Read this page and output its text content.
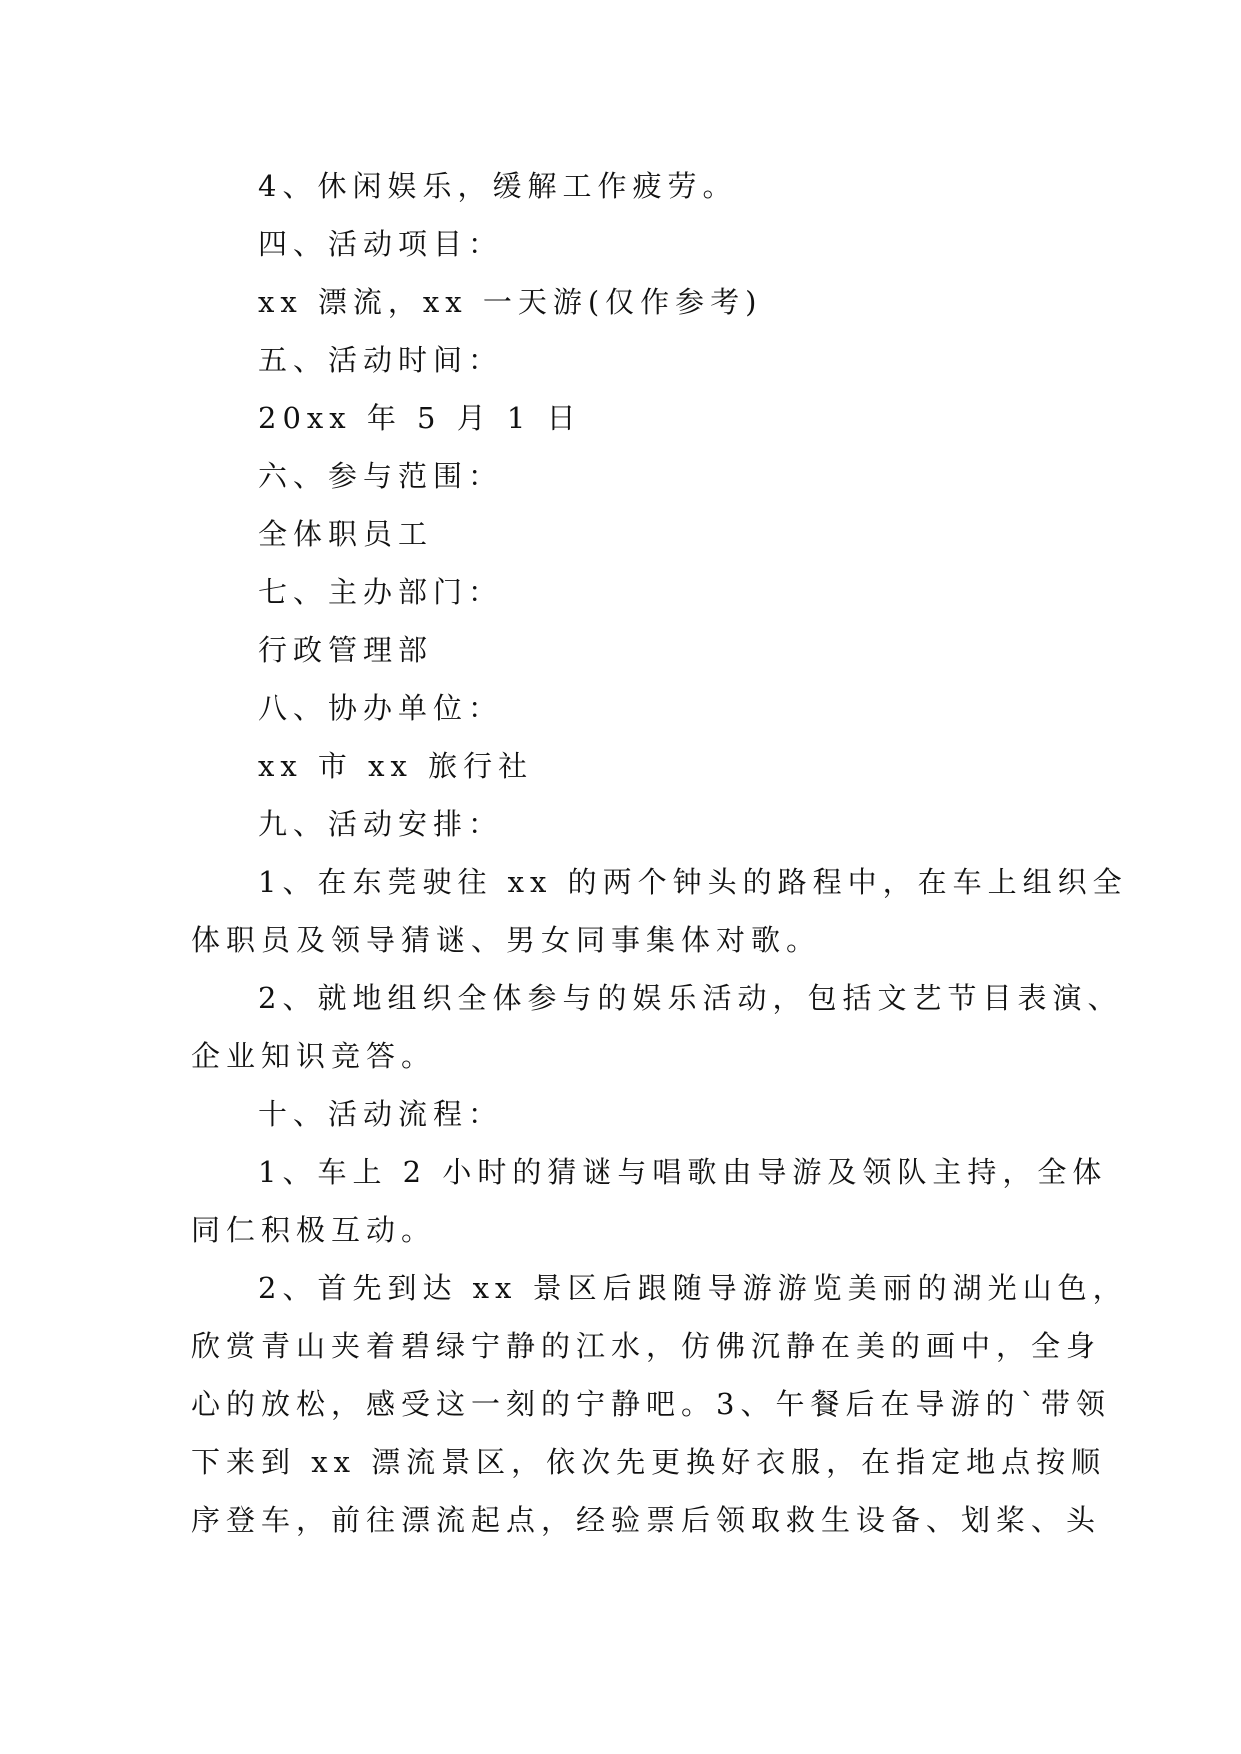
4、休闲娱乐，缓解工作疲劳。
四、活动项目：
xx 漂流，xx 一天游(仅作参考)
五、活动时间：
20xx 年 5 月 1 日
六、参与范围：
全体职员工
七、主办部门：
行政管理部
八、协办单位：
xx 市 xx 旅行社
九、活动安排：
1、在东莞驶往 xx 的两个钟头的路程中，在车上组织全
体职员及领导猜谜、男女同事集体对歌。
2、就地组织全体参与的娱乐活动，包括文艺节目表演、
企业知识竞答。
十、活动流程：
1、车上 2 小时的猜谜与唱歌由导游及领队主持，全体
同仁积极互动。
2、首先到达 xx 景区后跟随导游游览美丽的湖光山色，
欣赏青山夹着碧绿宁静的江水，仿佛沉静在美的画中，全身
心的放松，感受这一刻的宁静吧。3、午餐后在导游的`带领
下来到 xx 漂流景区，依次先更换好衣服，在指定地点按顺
序登车，前往漂流起点，经验票后领取救生设备、划桨、头
